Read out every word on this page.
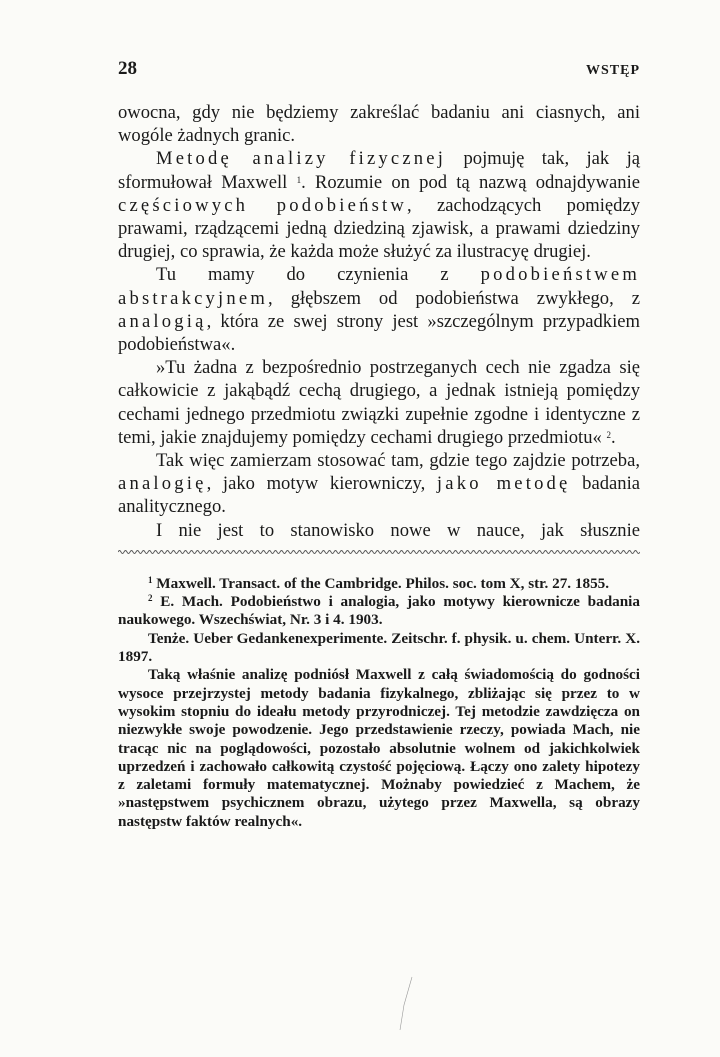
28	WSTĘP

owocna, gdy nie będziemy zakreślać badaniu ani ciasnych, ani wogóle żadnych granic.

Metodę analizy fizycznej pojmuję tak, jak ją sformułował Maxwell $^1$. Rozumie on pod tą nazwą odnajdywanie częściowych podobieństw, zachodzących pomiędzy prawami, rządzącemi jedną dziedziną zjawisk, a prawami dziedziny drugiej, co sprawia, że każda może służyć za ilustracyę drugiej.

Tu mamy do czynienia z podobieństwem abstrakcyjnem, głębszem od podobieństwa zwykłego, z analogią, która ze swej strony jest »szczególnym przypadkiem podobieństwa«.

»Tu żadna z bezpośrednio postrzeganych cech nie zgadza się całkowicie z jakąbądź cechą drugiego, a jednak istnieją pomiędzy cechami jednego przedmiotu związki zupełnie zgodne i identyczne z temi, jakie znajdujemy pomiędzy cechami drugiego przedmiotu« $^2$.

Tak więc zamierzam stosować tam, gdzie tego zajdzie potrzeba, analogię, jako motyw kierowniczy, jako metodę badania analitycznego.

I nie jest to stanowisko nowe w nauce, jak słusznie

$^1$ Maxwell. Transact. of the Cambridge. Philos. soc. tom X, str. 27. 1855.

$^2$ E. Mach. Podobieństwo i analogia, jako motywy kierownicze badania naukowego. Wszechświat, Nr. 3 i 4. 1903.

Tenże. Ueber Gedankenexperimente. Zeitschr. f. physik. u. chem. Unterr. X. 1897.

Taką właśnie analizę podniósł Maxwell z całą świadomością do godności wysoce przejrzystej metody badania fizykalnego, zbliżając się przez to w wysokim stopniu do ideału metody przyrodniczej. Tej metodzie zawdzięcza on niezwykłe swoje powodzenie. Jego przedstawienie rzeczy, powiada Mach, nie tracąc nic na poglądowości, pozostało absolutnie wolnem od jakichkolwiek uprzedzeń i zachowało całkowitą czystość pojęciową. Łączy ono zalety hipotezy z zaletami formuły matematycznej. Możnaby powiedzieć z Machem, że »następstwem psychicznem obrazu, użytego przez Maxwella, są obrazy następstw faktów realnych«.
